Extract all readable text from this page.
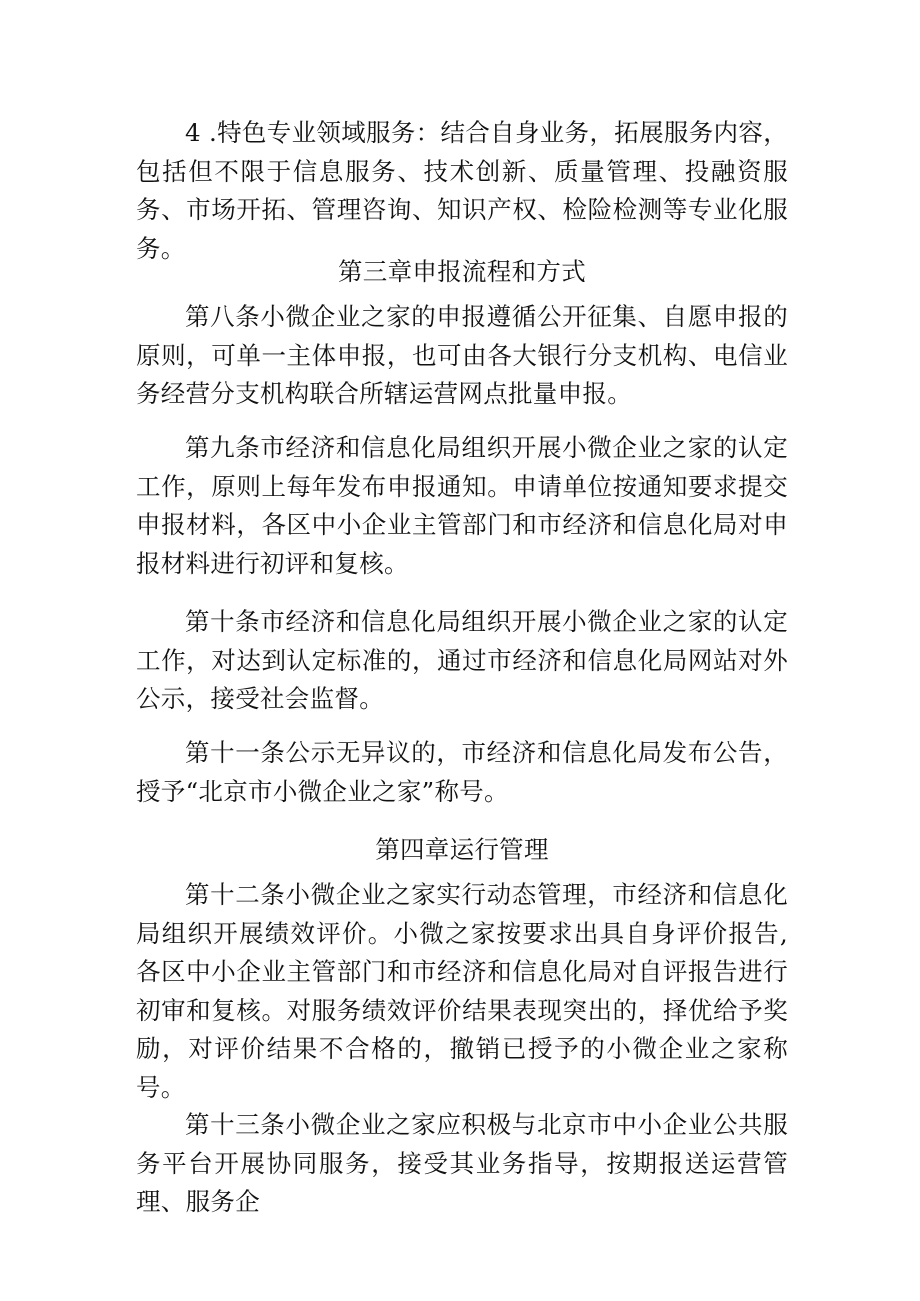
4 .特色专业领域服务：结合自身业务，拓展服务内容，包括但不限于信息服务、技术创新、质量管理、投融资服务、市场开拓、管理咨询、知识产权、检险检测等专业化服务。

第三章申报流程和方式

第八条小微企业之家的申报遵循公开征集、自愿申报的原则，可单一主体申报，也可由各大银行分支机构、电信业务经营分支机构联合所辖运营网点批量申报。

第九条市经济和信息化局组织开展小微企业之家的认定工作，原则上每年发布申报通知。申请单位按通知要求提交申报材料，各区中小企业主管部门和市经济和信息化局对申报材料进行初评和复核。

第十条市经济和信息化局组织开展小微企业之家的认定工作，对达到认定标准的，通过市经济和信息化局网站对外公示，接受社会监督。

第十一条公示无异议的，市经济和信息化局发布公告，授予“北京市小微企业之家”称号。

第四章运行管理

第十二条小微企业之家实行动态管理，市经济和信息化局组织开展绩效评价。小微之家按要求出具自身评价报告,各区中小企业主管部门和市经济和信息化局对自评报告进行初审和复核。对服务绩效评价结果表现突出的，择优给予奖励，对评价结果不合格的，撤销已授予的小微企业之家称号。

第十三条小微企业之家应积极与北京市中小企业公共服务平台开展协同服务，接受其业务指导，按期报送运营管理、服务企
